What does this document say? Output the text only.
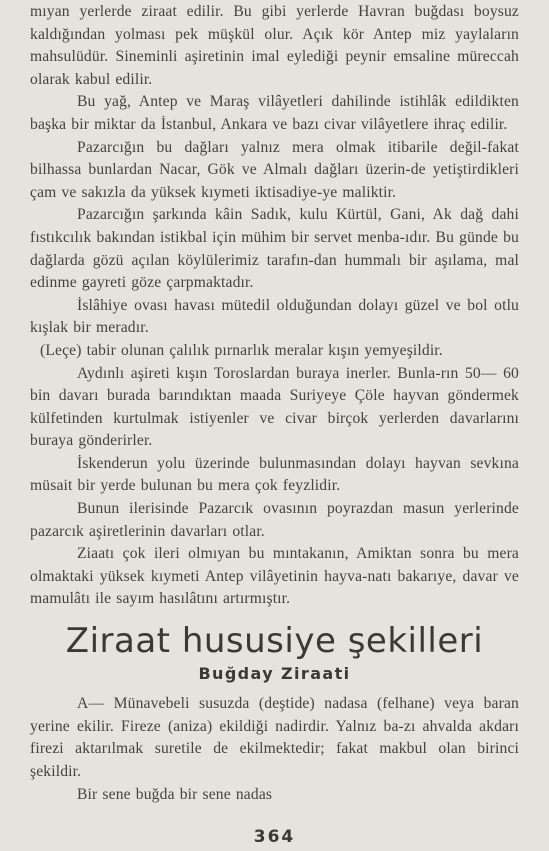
mıyan yerlerde ziraat edilir. Bu gibi yerlerde Havran buğdası boysuz kaldığından yolması pek müşkül olur. Açık kör Antep miz yaylaların mahsulüdür. Sineminli aşiretinin imal eylediği peynir emsaline müreccah olarak kabul edilir.

Bu yağ, Antep ve Maraş vilâyetleri dahilinde istihlâk edildikten başka bir miktar da İstanbul, Ankara ve bazı civar vilâyetlere ihraç edilir.

Pazarcığın bu dağları yalnız mera olmak itibarile değil-fakat bilhassa bunlardan Nacar, Gök ve Almalı dağları üzerin-de yetiştirdikleri çam ve sakızla da yüksek kıymeti iktisadiye-ye maliktir.

Pazarcığın şarkında kâin Sadık, kulu Kürtül, Gani, Ak dağ dahi fıstıkcılık bakından istikbal için mühim bir servet menba-ıdır. Bu günde bu dağlarda gözü açılan köylülerimiz tarafın-dan hummalı bir aşılama, mal edinme gayreti göze çarpmaktadır.

İslâhiye ovası havası mütedil olduğundan dolayı güzel ve bol otlu kışlak bir meradır.

(Leçe) tabir olunan çalılık pırnarlık meralar kışın yemyeşildir.

Aydınlı aşireti kışın Toroslardan buraya inerler. Bunla-rın 50— 60 bin davarı burada barındıktan maada Suriyeye Çöle hayvan göndermek külfetinden kurtulmak istiyenler ve civar birçok yerlerden davarlarını buraya gönderirler.

İskenderun yolu üzerinde bulunmasından dolayı hayvan sevkına müsait bir yerde bulunan bu mera çok feyzlidir.

Bunun ilerisinde Pazarcık ovasının poyrazdan masun yerlerinde pazarcık aşiretlerinin davarları otlar.

Ziaatı çok ileri olmıyan bu mıntakanın, Amiktan sonra bu mera olmaktaki yüksek kıymeti Antep vilâyetinin hayva-natı bakarıye, davar ve mamulâtı ile sayım hasılâtını artırmıştır.

Ziraat hususiye şekilleri
Buğday Ziraati

A— Münavebeli susuzda (deştide) nadasa (felhane) veya baran yerine ekilir. Fireze (aniza) ekildiği nadirdir. Yalnız ba-zı ahvalda akdarı firezi aktarılmak suretile de ekilmektedir; fakat makbul olan birinci şekildir.

Bir sene buğda bir sene nadas

364
